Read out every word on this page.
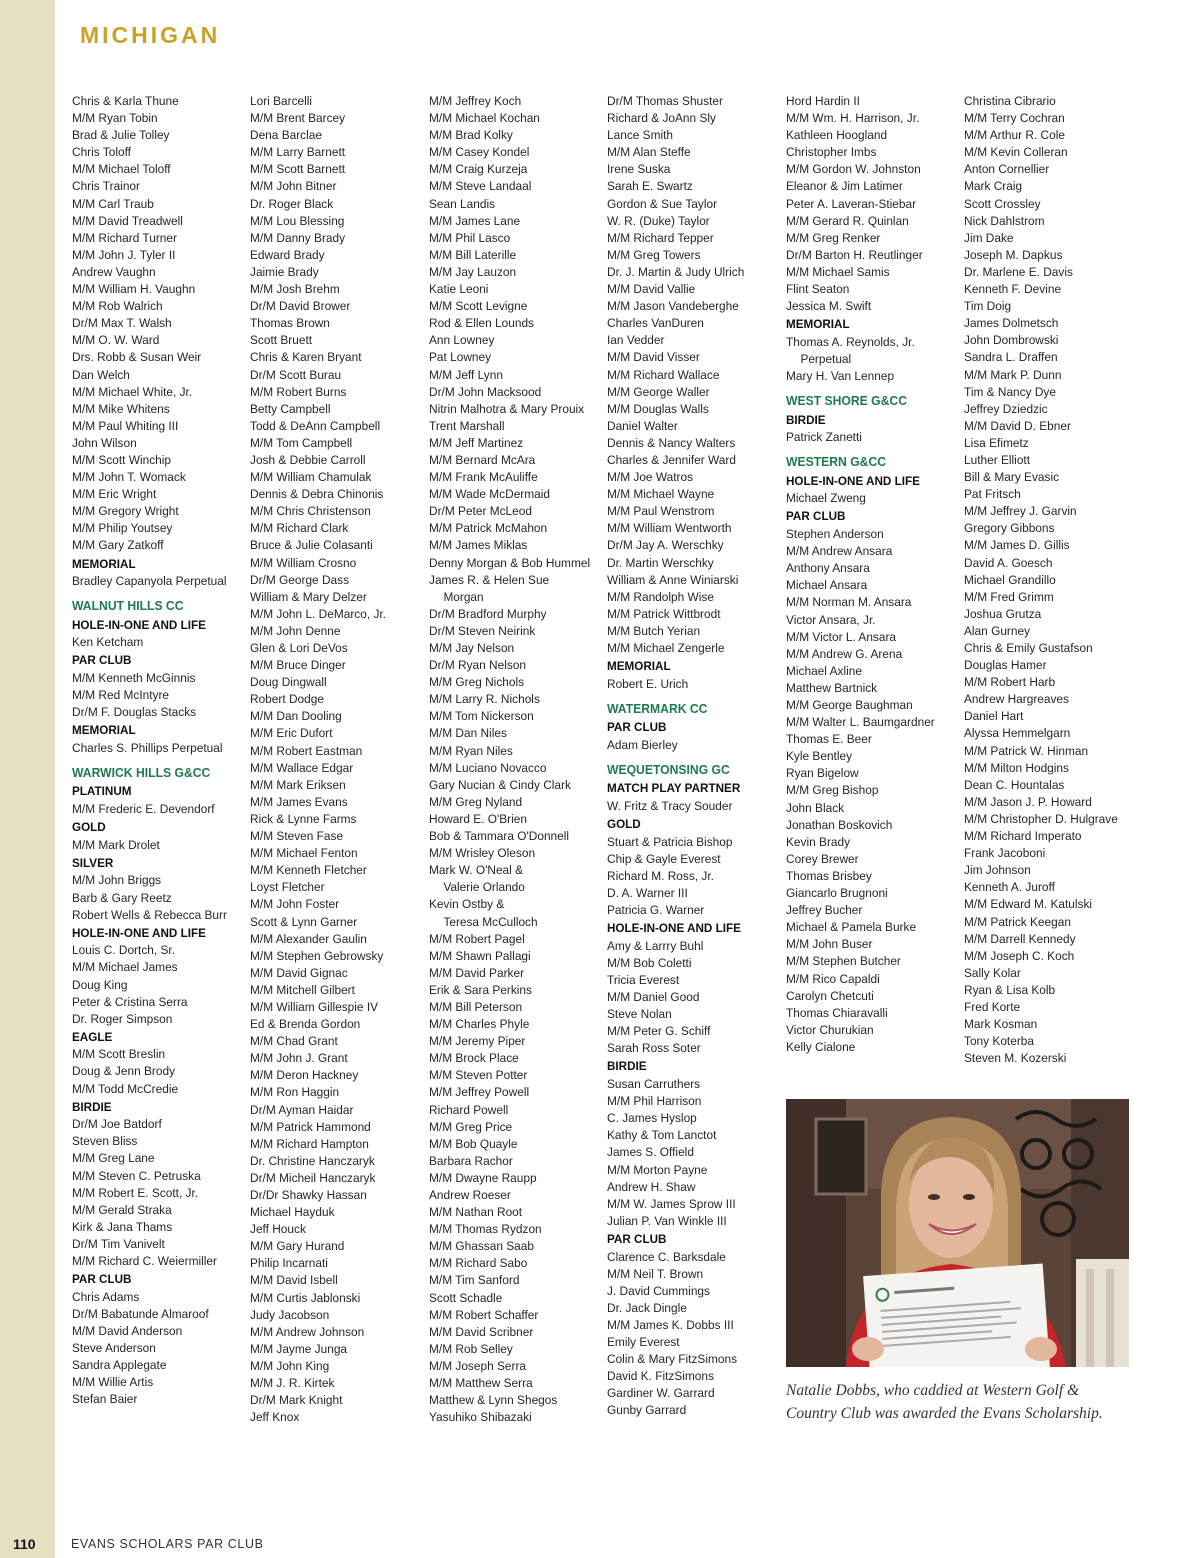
MICHIGAN
Chris & Karla Thune
M/M Ryan Tobin
Brad & Julie Tolley
Chris Toloff
M/M Michael Toloff
Chris Trainor
M/M Carl Traub
M/M David Treadwell
M/M Richard Turner
M/M John J. Tyler II
Andrew Vaughn
M/M William H. Vaughn
M/M Rob Walrich
Dr/M Max T. Walsh
M/M O. W. Ward
Drs. Robb & Susan Weir
Dan Welch
M/M Michael White, Jr.
M/M Mike Whitens
M/M Paul Whiting III
John Wilson
M/M Scott Winchip
M/M John T. Womack
M/M Eric Wright
M/M Gregory Wright
M/M Philip Youtsey
M/M Gary Zatkoff
MEMORIAL
Bradley Capanyola Perpetual
WALNUT HILLS CC
HOLE-IN-ONE AND LIFE
Ken Ketcham
PAR CLUB
M/M Kenneth McGinnis
M/M Red McIntyre
Dr/M F. Douglas Stacks
MEMORIAL
Charles S. Phillips Perpetual
WARWICK HILLS G&CC
PLATINUM
M/M Frederic E. Devendorf
GOLD
M/M Mark Drolet
SILVER
M/M John Briggs
Barb & Gary Reetz
Robert Wells & Rebecca Burr
HOLE-IN-ONE AND LIFE
Louis C. Dortch, Sr.
M/M Michael James
Doug King
Peter & Cristina Serra
Dr. Roger Simpson
EAGLE
M/M Scott Breslin
Doug & Jenn Brody
M/M Todd McCredie
BIRDIE
Dr/M Joe Batdorf
Steven Bliss
M/M Greg Lane
M/M Steven C. Petruska
M/M Robert E. Scott, Jr.
M/M Gerald Straka
Kirk & Jana Thams
Dr/M Tim Vanivelt
M/M Richard C. Weiermiller
PAR CLUB
Chris Adams
Dr/M Babatunde Almaroof
M/M David Anderson
Steve Anderson
Sandra Applegate
M/M Willie Artis
Stefan Baier
Lori Barcelli
M/M Brent Barcey
Dena Barclae
M/M Larry Barnett
M/M Scott Barnett
M/M John Bitner
Dr. Roger Black
M/M Lou Blessing
M/M Danny Brady
Edward Brady
Jaimie Brady
M/M Josh Brehm
Dr/M David Brower
Thomas Brown
Scott Bruett
Chris & Karen Bryant
Dr/M Scott Burau
M/M Robert Burns
Betty Campbell
Todd & DeAnn Campbell
M/M Tom Campbell
Josh & Debbie Carroll
M/M William Chamulak
Dennis & Debra Chinonis
M/M Chris Christenson
M/M Richard Clark
Bruce & Julie Colasanti
M/M William Crosno
Dr/M George Dass
William & Mary Delzer
M/M John L. DeMarco, Jr.
M/M John Denne
Glen & Lori DeVos
M/M Bruce Dinger
Doug Dingwall
Robert Dodge
M/M Dan Dooling
M/M Eric Dufort
M/M Robert Eastman
M/M Wallace Edgar
M/M Mark Eriksen
M/M James Evans
Rick & Lynne Farms
M/M Steven Fase
M/M Michael Fenton
M/M Kenneth Fletcher
Loyst Fletcher
M/M John Foster
Scott & Lynn Garner
M/M Alexander Gaulin
M/M Stephen Gebrowsky
M/M David Gignac
M/M Mitchell Gilbert
M/M William Gillespie IV
Ed & Brenda Gordon
M/M Chad Grant
M/M John J. Grant
M/M Deron Hackney
M/M Ron Haggin
Dr/M Ayman Haidar
M/M Patrick Hammond
M/M Richard Hampton
Dr. Christine Hanczaryk
Dr/M Micheil Hanczaryk
Dr/Dr Shawky Hassan
Michael Hayduk
Jeff Houck
M/M Gary Hurand
Philip Incarnati
M/M David Isbell
M/M Curtis Jablonski
Judy Jacobson
M/M Andrew Johnson
M/M Jayme Junga
M/M John King
M/M J. R. Kirtek
Dr/M Mark Knight
Jeff Knox
M/M Jeffrey Koch
M/M Michael Kochan
M/M Brad Kolky
M/M Casey Kondel
M/M Craig Kurzeja
M/M Steve Landaal
Sean Landis
M/M James Lane
M/M Phil Lasco
M/M Bill Laterille
M/M Jay Lauzon
Katie Leoni
M/M Scott Levigne
Rod & Ellen Lounds
Ann Lowney
Pat Lowney
M/M Jeff Lynn
Dr/M John Macksood
Nitrin Malhotra & Mary Prouix
Trent Marshall
M/M Jeff Martinez
M/M Bernard McAra
M/M Frank McAuliffe
M/M Wade McDermaid
Dr/M Peter McLeod
M/M Patrick McMahon
M/M James Miklas
Denny Morgan & Bob Hummel
James R. & Helen Sue
Morgan
Dr/M Bradford Murphy
Dr/M Steven Neirink
M/M Jay Nelson
Dr/M Ryan Nelson
M/M Greg Nichols
M/M Larry R. Nichols
M/M Tom Nickerson
M/M Dan Niles
M/M Ryan Niles
M/M Luciano Novacco
Gary Nucian & Cindy Clark
M/M Greg Nyland
Howard E. O'Brien
Bob & Tammara O'Donnell
M/M Wrisley Oleson
Mark W. O'Neal &
Valerie Orlando
Kevin Ostby &
Teresa McCulloch
M/M Robert Pagel
M/M Shawn Pallagi
M/M David Parker
Erik & Sara Perkins
M/M Bill Peterson
M/M Charles Phyle
M/M Jeremy Piper
M/M Brock Place
M/M Steven Potter
M/M Jeffrey Powell
Richard Powell
M/M Greg Price
M/M Bob Quayle
Barbara Rachor
M/M Dwayne Raupp
Andrew Roeser
M/M Nathan Root
M/M Thomas Rydzon
M/M Ghassan Saab
M/M Richard Sabo
M/M Tim Sanford
Scott Schadle
M/M Robert Schaffer
M/M David Scribner
M/M Rob Selley
M/M Joseph Serra
M/M Matthew Serra
Matthew & Lynn Shegos
Yasuhiko Shibazaki
Dr/M Thomas Shuster
Richard & JoAnn Sly
Lance Smith
M/M Alan Steffe
Irene Suska
Sarah E. Swartz
Gordon & Sue Taylor
W. R. (Duke) Taylor
M/M Richard Tepper
M/M Greg Towers
Dr. J. Martin & Judy Ulrich
M/M David Vallie
M/M Jason Vandeberghe
Charles VanDuren
Ian Vedder
M/M David Visser
M/M Richard Wallace
M/M George Waller
M/M Douglas Walls
Daniel Walter
Dennis & Nancy Walters
Charles & Jennifer Ward
M/M Joe Watros
M/M Michael Wayne
M/M Paul Wenstrom
M/M William Wentworth
Dr/M Jay A. Werschky
Dr. Martin Werschky
William & Anne Winiarski
M/M Randolph Wise
M/M Patrick Wittbrodt
M/M Butch Yerian
M/M Michael Zengerle
MEMORIAL
Robert E. Urich
WATERMARK CC
PAR CLUB
Adam Bierley
WEQUETONSING GC
MATCH PLAY PARTNER
W. Fritz & Tracy Souder
GOLD
Stuart & Patricia Bishop
Chip & Gayle Everest
Richard M. Ross, Jr.
D. A. Warner III
Patricia G. Warner
HOLE-IN-ONE AND LIFE
Amy & Larrry Buhl
M/M Bob Coletti
Tricia Everest
M/M Daniel Good
Steve Nolan
M/M Peter G. Schiff
Sarah Ross Soter
BIRDIE
Susan Carruthers
M/M Phil Harrison
C. James Hyslop
Kathy & Tom Lanctot
James S. Offield
M/M Morton Payne
Andrew H. Shaw
M/M W. James Sprow III
Julian P. Van Winkle III
PAR CLUB
Clarence C. Barksdale
M/M Neil T. Brown
J. David Cummings
Dr. Jack Dingle
M/M James K. Dobbs III
Emily Everest
Colin & Mary FitzSimons
David K. FitzSimons
Gardiner W. Garrard
Gunby Garrard
Hord Hardin II
M/M Wm. H. Harrison, Jr.
Kathleen Hoogland
Christopher Imbs
M/M Gordon W. Johnston
Eleanor & Jim Latimer
Peter A. Laveran-Stiebar
M/M Gerard R. Quinlan
M/M Greg Renker
Dr/M Barton H. Reutlinger
M/M Michael Samis
Flint Seaton
Jessica M. Swift
MEMORIAL
Thomas A. Reynolds, Jr.
Perpetual
Mary H. Van Lennep
WEST SHORE G&CC
BIRDIE
Patrick Zanetti
WESTERN G&CC
HOLE-IN-ONE AND LIFE
Michael Zweng
PAR CLUB
Stephen Anderson
M/M Andrew Ansara
Anthony Ansara
Michael Ansara
M/M Norman M. Ansara
Victor Ansara, Jr.
M/M Victor L. Ansara
M/M Andrew G. Arena
Michael Axline
Matthew Bartnick
M/M George Baughman
M/M Walter L. Baumgardner
Thomas E. Beer
Kyle Bentley
Ryan Bigelow
M/M Greg Bishop
John Black
Jonathan Boskovich
Kevin Brady
Corey Brewer
Thomas Brisbey
Giancarlo Brugnoni
Jeffrey Bucher
Michael & Pamela Burke
M/M John Buser
M/M Stephen Butcher
M/M Rico Capaldi
Carolyn Chetcuti
Thomas Chiaravalli
Victor Churukian
Kelly Cialone
Christina Cibrario
M/M Terry Cochran
M/M Arthur R. Cole
M/M Kevin Colleran
Anton Cornellier
Mark Craig
Scott Crossley
Nick Dahlstrom
Jim Dake
Joseph M. Dapkus
Dr. Marlene E. Davis
Kenneth F. Devine
Tim Doig
James Dolmetsch
John Dombrowski
Sandra L. Draffen
M/M Mark P. Dunn
Tim & Nancy Dye
Jeffrey Dziedzic
M/M David D. Ebner
Lisa Efimetz
Luther Elliott
Bill & Mary Evasic
Pat Fritsch
M/M Jeffrey J. Garvin
Gregory Gibbons
M/M James D. Gillis
David A. Goesch
Michael Grandillo
M/M Fred Grimm
Joshua Grutza
Alan Gurney
Chris & Emily Gustafson
Douglas Hamer
M/M Robert Harb
Andrew Hargreaves
Daniel Hart
Alyssa Hemmelgarn
M/M Patrick W. Hinman
M/M Milton Hodgins
Dean C. Hountalas
M/M Jason J. P. Howard
M/M Christopher D. Hulgrave
M/M Richard Imperato
Frank Jacoboni
Jim Johnson
Kenneth A. Juroff
M/M Edward M. Katulski
M/M Patrick Keegan
M/M Darrell Kennedy
M/M Joseph C. Koch
Sally Kolar
Ryan & Lisa Kolb
Fred Korte
Mark Kosman
Tony Koterba
Steven M. Kozerski
Natalie Dobbs, who caddied at Western Golf & Country Club was awarded the Evans Scholarship.
110	EVANS SCHOLARS PAR CLUB
